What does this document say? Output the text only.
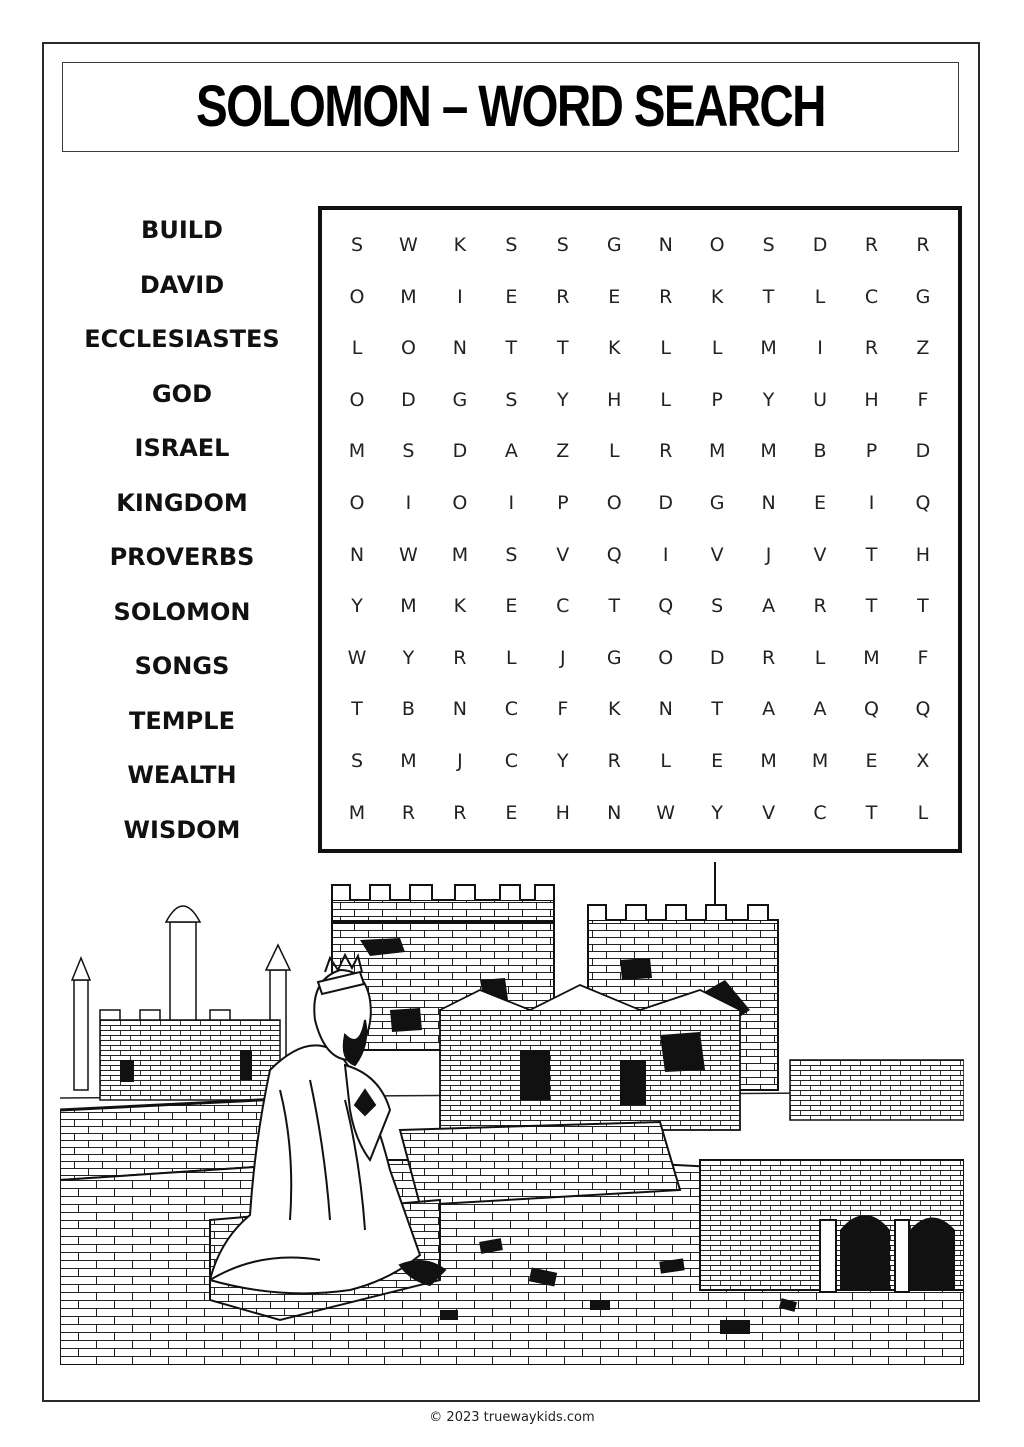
SOLOMON – WORD SEARCH
BUILD
DAVID
ECCLESIASTES
GOD
ISRAEL
KINGDOM
PROVERBS
SOLOMON
SONGS
TEMPLE
WEALTH
WISDOM
S	W	K	S	S	G	N	O	S	D	R	R
O	M	I	E	R	E	R	K	T	L	C	G
L	O	N	T	T	K	L	L	M	I	R	Z
O	D	G	S	Y	H	L	P	Y	U	H	F
M	S	D	A	Z	L	R	M	M	B	P	D
O	I	O	I	P	O	D	G	N	E	I	Q
N	W	M	S	V	Q	I	V	J	V	T	H
Y	M	K	E	C	T	Q	S	A	R	T	T
W	Y	R	L	J	G	O	D	R	L	M	F
T	B	N	C	F	K	N	T	A	A	Q	Q
S	M	J	C	Y	R	L	E	M	M	E	X
M	R	R	E	H	N	W	Y	V	C	T	L
© 2023 truewaykids.com
